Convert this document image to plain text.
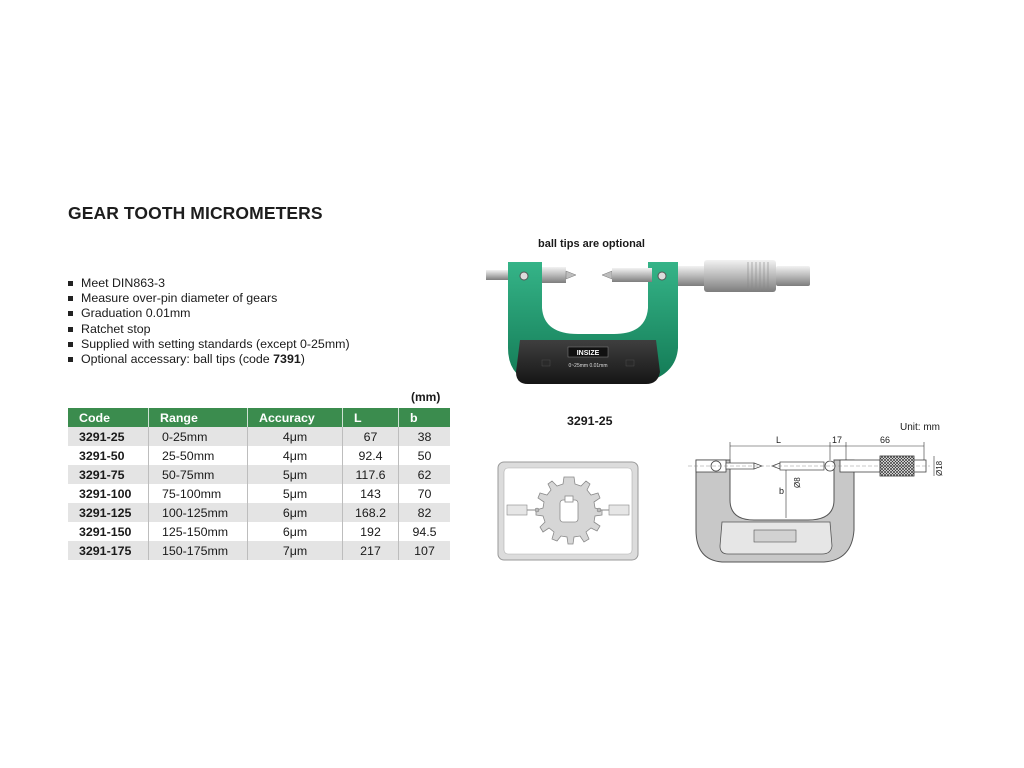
GEAR TOOTH MICROMETERS
Meet DIN863-3
Measure over-pin diameter of gears
Graduation 0.01mm
Ratchet stop
Supplied with setting standards (except 0-25mm)
Optional accessary: ball tips (code 7391)
(mm)
Code	Range	Accuracy	L	b
3291-25	0-25mm	4μm	67	38
3291-50	25-50mm	4μm	92.4	50
3291-75	50-75mm	5μm	117.6	62
3291-100	75-100mm	5μm	143	70
3291-125	100-125mm	6μm	168.2	82
3291-150	125-150mm	6μm	192	94.5
3291-175	150-175mm	7μm	217	107
ball tips are optional
INSIZE
0~25mm 0.01mm
3291-25	Unit: mm
L	17	66
b
Ø8
Ø18
